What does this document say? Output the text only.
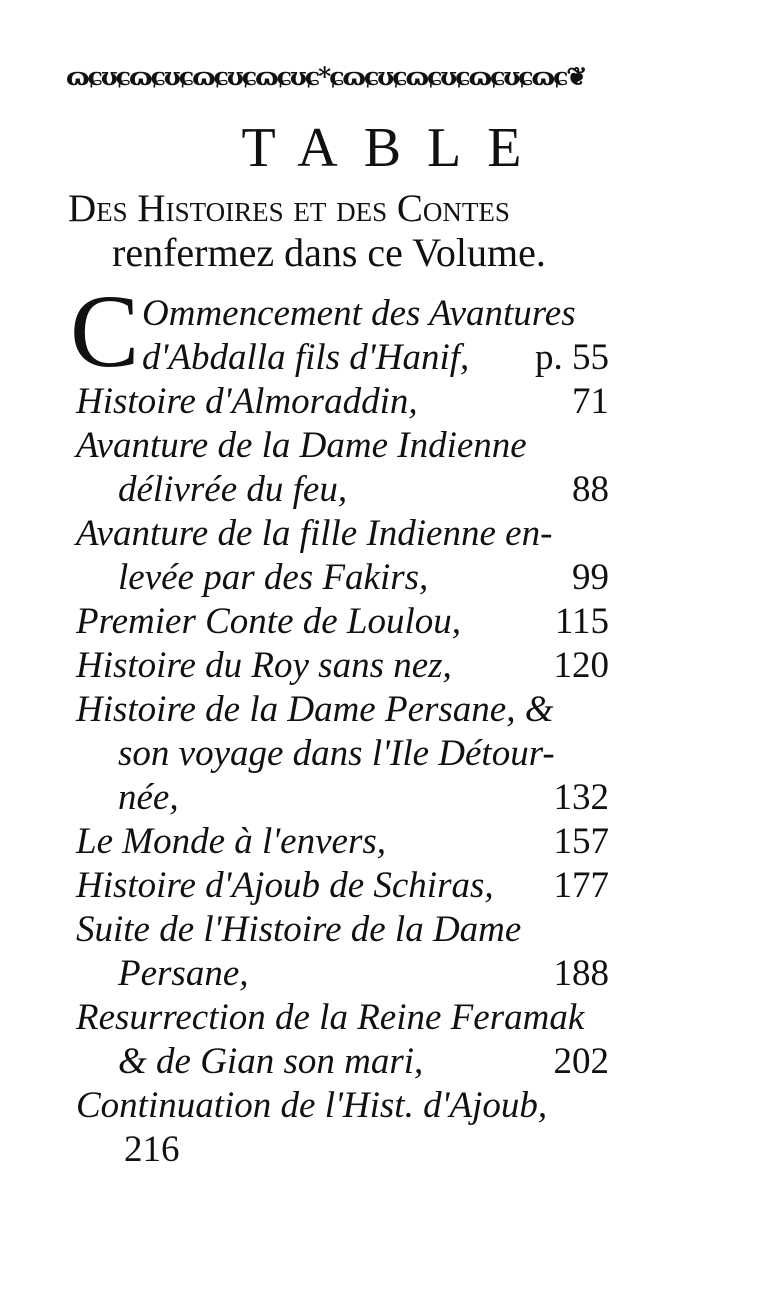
ɷɕʊɕɷɕʊɕɷɕʊɕɷɕʊɕ*ɕɷɕʊɕɷɕʊɕɷɕʊɕɷɕ❦
TABLE
Des Histoires et des Contes
renfermez dans ce Volume.
C Ommencement des Avantures
d'Abdalla fils d'Hanif, p. 55
Histoire d'Almoraddin,	71
Avanture de la Dame Indienne
délivrée du feu,	88
Avanture de la fille Indienne en-
levée par des Fakirs,	99
Premier Conte de Loulou,	115
Histoire du Roy sans nez,	120
Histoire de la Dame Persane, &
son voyage dans l'Ile Détour-
née,	132
Le Monde à l'envers,	157
Histoire d'Ajoub de Schiras, 177
Suite de l'Histoire de la Dame
Persane,	188
Resurrection de la Reine Feramak
& de Gian son mari,	202
Continuation de l'Hist. d'Ajoub,
216
